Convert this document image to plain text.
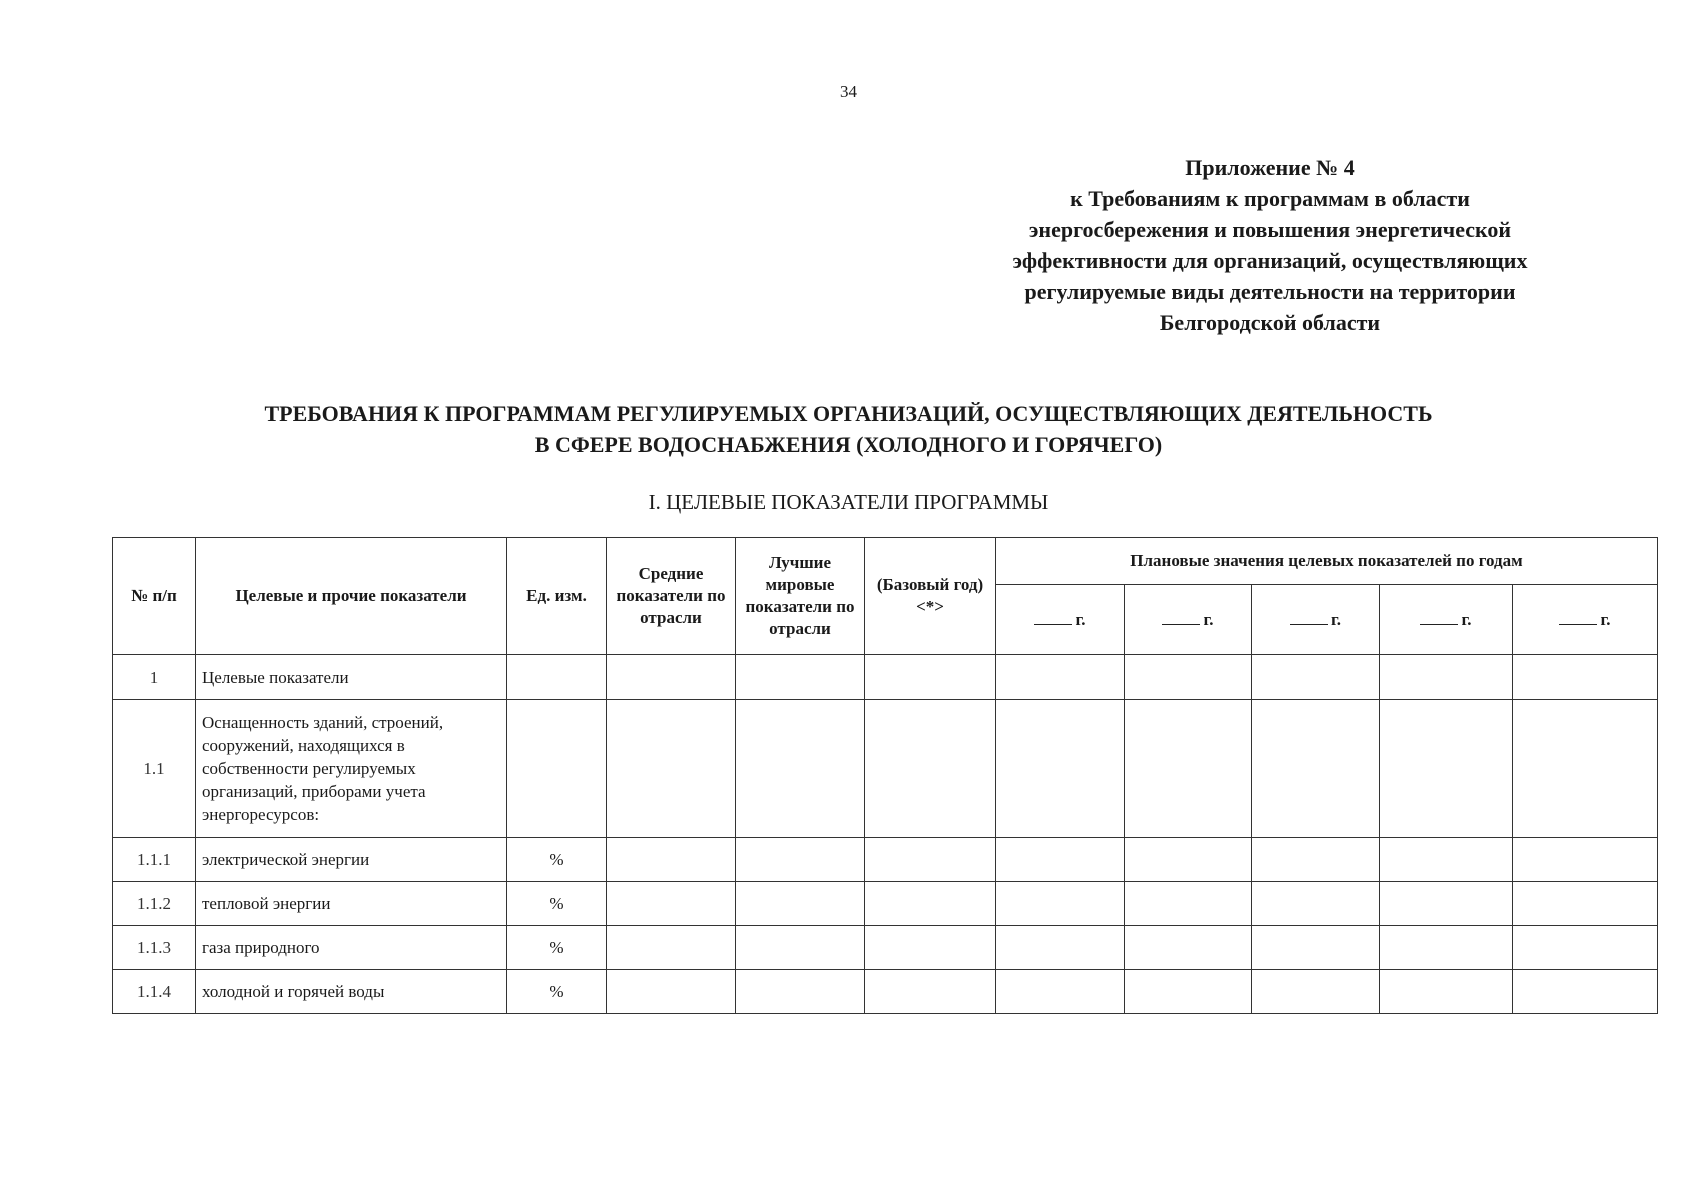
34
Приложение № 4
к Требованиям к программам в области
энергосбережения и повышения энергетической
эффективности для организаций, осуществляющих
регулируемые виды деятельности на территории
Белгородской области
ТРЕБОВАНИЯ К ПРОГРАММАМ РЕГУЛИРУЕМЫХ ОРГАНИЗАЦИЙ, ОСУЩЕСТВЛЯЮЩИХ ДЕЯТЕЛЬНОСТЬ
В СФЕРЕ ВОДОСНАБЖЕНИЯ (ХОЛОДНОГО И ГОРЯЧЕГО)
I. ЦЕЛЕВЫЕ ПОКАЗАТЕЛИ ПРОГРАММЫ
№ п/п	Целевые и прочие показатели	Ед. изм.	Средние показатели по отрасли	Лучшие мировые показатели по отрасли	(Базовый год) <*>	Плановые значения целевых показателей по годам				
						г.	г.	г.	г.	г.
1	Целевые показатели									
1.1	Оснащенность зданий, строений, сооружений, находящихся в собственности регулируемых организаций, приборами учета энергоресурсов:									
1.1.1	электрической энергии	%								
1.1.2	тепловой энергии	%								
1.1.3	газа природного	%								
1.1.4	холодной и горячей воды	%								
